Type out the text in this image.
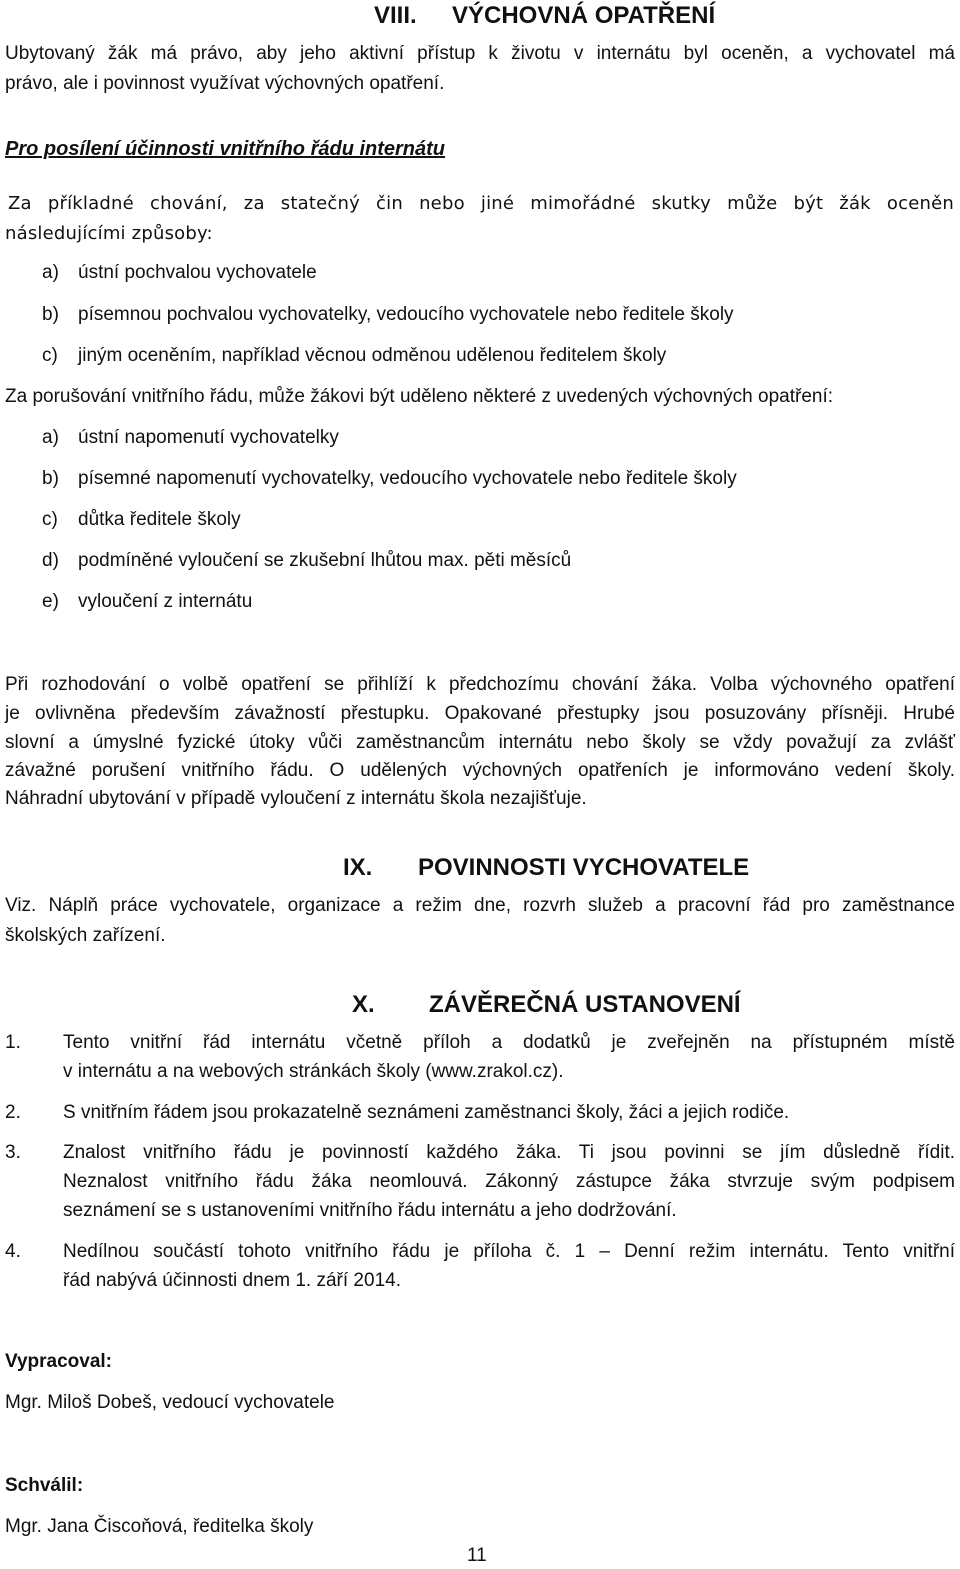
VIII. VÝCHOVNÁ OPATŘENÍ
Ubytovaný žák má právo, aby jeho aktivní přístup k životu v internátu byl oceněn, a vychovatel má
právo, ale i povinnost využívat výchovných opatření.
Pro posílení účinnosti vnitřního řádu internátu
Za příkladné chování, za statečný čin nebo jiné mimořádné skutky může být žák oceněn
následujícími způsoby:
a) ústní pochvalou vychovatele
b) písemnou pochvalou vychovatelky, vedoucího vychovatele nebo ředitele školy
c) jiným oceněním, například věcnou odměnou udělenou ředitelem školy
Za porušování vnitřního řádu, může žákovi být uděleno některé z uvedených výchovných opatření:
a) ústní napomenutí vychovatelky
b) písemné napomenutí vychovatelky, vedoucího vychovatele nebo ředitele školy
c) důtka ředitele školy
d) podmíněné vyloučení se zkušební lhůtou max. pěti měsíců
e) vyloučení z internátu
Při rozhodování o volbě opatření se přihlíží k předchozímu chování žáka. Volba výchovného opatření
je ovlivněna především závažností přestupku. Opakované přestupky jsou posuzovány přísněji. Hrubé
slovní a úmyslné fyzické útoky vůči zaměstnancům internátu nebo školy se vždy považují za zvlášť
závažné porušení vnitřního řádu. O udělených výchovných opatřeních je informováno vedení školy.
Náhradní ubytování v případě vyloučení z internátu škola nezajišťuje.
IX. POVINNOSTI VYCHOVATELE
Viz. Náplň práce vychovatele, organizace a režim dne, rozvrh služeb a pracovní řád pro zaměstnance
školských zařízení.
X. ZÁVĚREČNÁ USTANOVENÍ
1. Tento vnitřní řád internátu včetně příloh a dodatků je zveřejněn na přístupném místě
v internátu a na webových stránkách školy (www.zrakol.cz).
2. S vnitřním řádem jsou prokazatelně seznámeni zaměstnanci školy, žáci a jejich rodiče.
3. Znalost vnitřního řádu je povinností každého žáka. Ti jsou povinni se jím důsledně řídit.
Neznalost vnitřního řádu žáka neomlouvá. Zákonný zástupce žáka stvrzuje svým podpisem
seznámení se s ustanoveními vnitřního řádu internátu a jeho dodržování.
4. Nedílnou součástí tohoto vnitřního řádu je příloha č. 1 – Denní režim internátu. Tento vnitřní
řád nabývá účinnosti dnem 1. září 2014.
Vypracoval:
Mgr. Miloš Dobeš, vedoucí vychovatele
Schválil:
Mgr. Jana Čiscoňová, ředitelka školy
11
